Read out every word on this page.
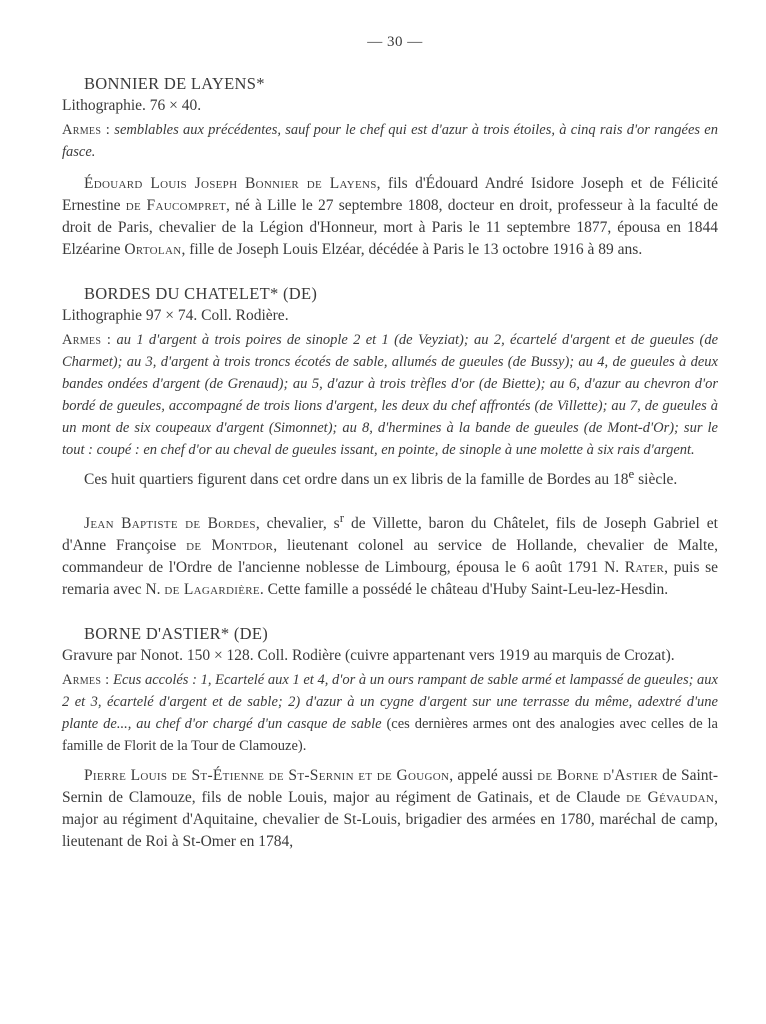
— 30 —
BONNIER DE LAYENS*
Lithographie. 76 × 40.
Armes : semblables aux précédentes, sauf pour le chef qui est d'azur à trois étoiles, à cinq rais d'or rangées en fasce.

Édouard Louis Joseph Bonnier de Layens, fils d'Édouard André Isidore Joseph et de Félicité Ernestine de Faucompret, né à Lille le 27 septembre 1808, docteur en droit, professeur à la faculté de droit de Paris, chevalier de la Légion d'Honneur, mort à Paris le 11 septembre 1877, épousa en 1844 Elzéarine Ortolan, fille de Joseph Louis Elzéar, décédée à Paris le 13 octobre 1916 à 89 ans.

BORDES DU CHATELET* (DE)
Lithographie 97 × 74. Coll. Rodière.
Armes : au 1 d'argent à trois poires de sinople 2 et 1 (de Veyziat); au 2, écartelé d'argent et de gueules (de Charmet); au 3, d'argent à trois troncs écotés de sable, allumés de gueules (de Bussy); au 4, de gueules à deux bandes ondées d'argent (de Grenaud); au 5, d'azur à trois trèfles d'or (de Biette); au 6, d'azur au chevron d'or bordé de gueules, accompagné de trois lions d'argent, les deux du chef affrontés (de Villette); au 7, de gueules à un mont de six coupeaux d'argent (Simonnet); au 8, d'hermines à la bande de gueules (de Mont-d'Or); sur le tout : coupé : en chef d'or au cheval de gueules issant, en pointe, de sinople à une molette à six rais d'argent.

Ces huit quartiers figurent dans cet ordre dans un ex libris de la famille de Bordes au 18e siècle.

Jean Baptiste de Bordes, chevalier, $s^r$ de Villette, baron du Châtelet, fils de Joseph Gabriel et d'Anne Françoise de Montdor, lieutenant colonel au service de Hollande, chevalier de Malte, commandeur de l'Ordre de l'ancienne noblesse de Limbourg, épousa le 6 août 1791 N. Rater, puis se remaria avec N. de Lagardière. Cette famille a possédé le château d'Huby Saint-Leu-lez-Hesdin.

BORNE D'ASTIER* (DE)
Gravure par Nonot. 150 × 128. Coll. Rodière (cuivre appartenant vers 1919 au marquis de Crozat).
Armes : Ecus accolés : 1, Ecartelé aux 1 et 4, d'or à un ours rampant de sable armé et lampassé de gueules; aux 2 et 3, écartelé d'argent et de sable; 2) d'azur à un cygne d'argent sur une terrasse du même, adextré d'une plante de..., au chef d'or chargé d'un casque de sable (ces dernières armes ont des analogies avec celles de la famille de Florit de la Tour de Clamouze).

Pierre Louis de St-Étienne de St-Sernin et de Gougon, appelé aussi de Borne d'Astier de Saint-Sernin de Clamouze, fils de noble Louis, major au régiment de Gatinais, et de Claude de Gévaudan, major au régiment d'Aquitaine, chevalier de St-Louis, brigadier des armées en 1780, maréchal de camp, lieutenant de Roi à St-Omer en 1784,
